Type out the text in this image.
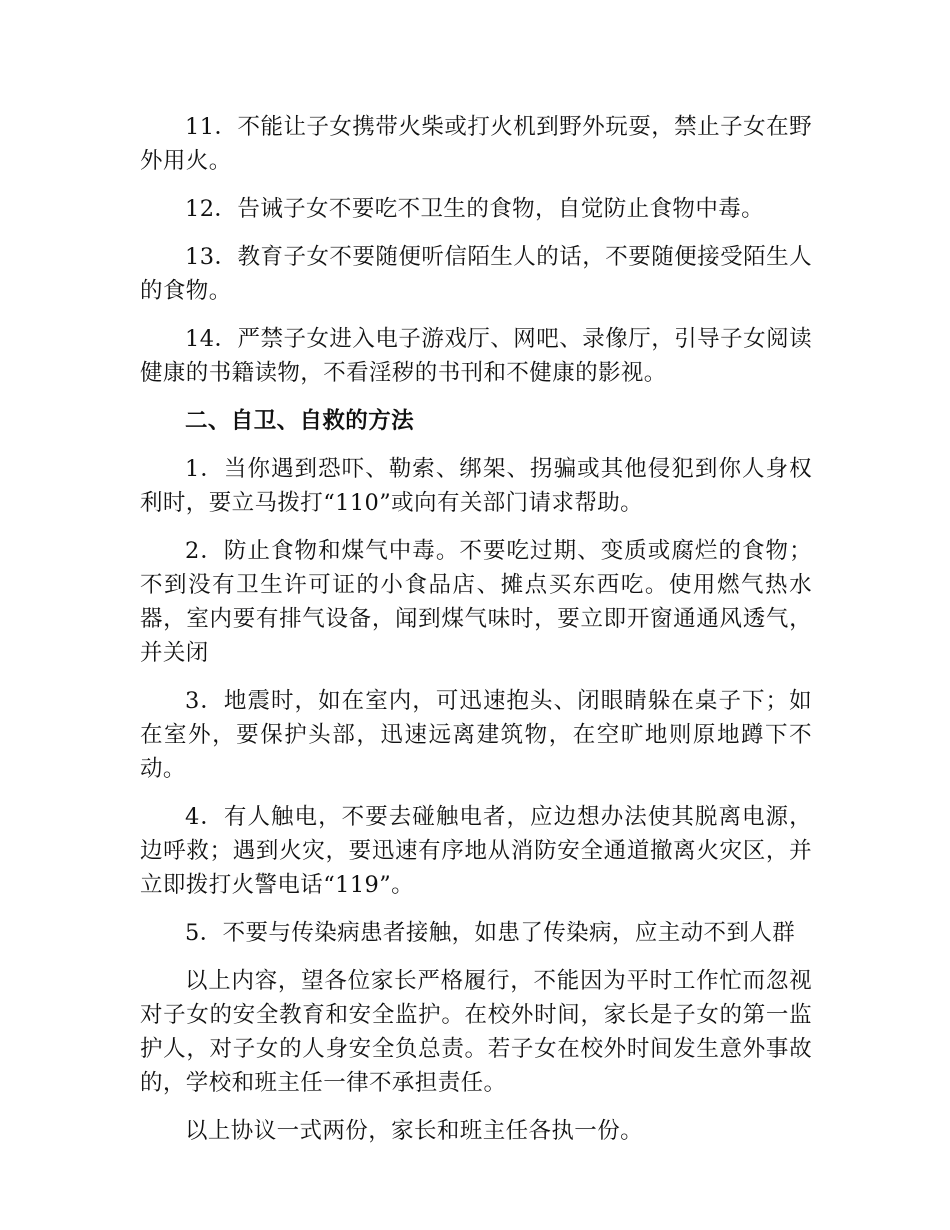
11．不能让子女携带火柴或打火机到野外玩耍，禁止子女在野外用火。

12．告诫子女不要吃不卫生的食物，自觉防止食物中毒。

13．教育子女不要随便听信陌生人的话，不要随便接受陌生人的食物。

14．严禁子女进入电子游戏厅、网吧、录像厅，引导子女阅读健康的书籍读物，不看淫秽的书刊和不健康的影视。

二、自卫、自救的方法

1．当你遇到恐吓、勒索、绑架、拐骗或其他侵犯到你人身权利时，要立马拨打“110”或向有关部门请求帮助。

2．防止食物和煤气中毒。不要吃过期、变质或腐烂的食物；不到没有卫生许可证的小食品店、摊点买东西吃。使用燃气热水器，室内要有排气设备，闻到煤气味时，要立即开窗通通风透气，并关闭

3．地震时，如在室内，可迅速抱头、闭眼睛躲在桌子下；如在室外，要保护头部，迅速远离建筑物，在空旷地则原地蹲下不动。

4．有人触电，不要去碰触电者，应边想办法使其脱离电源，边呼救；遇到火灾，要迅速有序地从消防安全通道撤离火灾区，并立即拨打火警电话“119”。

5．不要与传染病患者接触，如患了传染病，应主动不到人群

以上内容，望各位家长严格履行，不能因为平时工作忙而忽视对子女的安全教育和安全监护。在校外时间，家长是子女的第一监护人，对子女的人身安全负总责。若子女在校外时间发生意外事故的，学校和班主任一律不承担责任。

以上协议一式两份，家长和班主任各执一份。
